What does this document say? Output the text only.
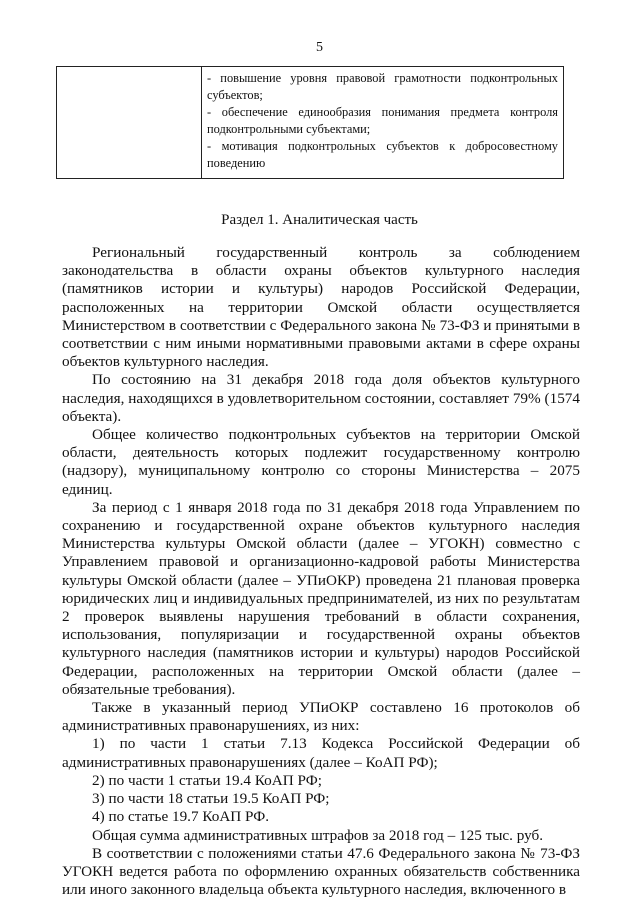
5

- повышение уровня правовой грамотности подконтрольных субъектов;
- обеспечение единообразия понимания предмета контроля подконтрольными субъектами;
- мотивация подконтрольных субъектов к добросовестному поведению
Раздел 1. Аналитическая часть

Региональный государственный контроль за соблюдением законодательства в области охраны объектов культурного наследия (памятников истории и культуры) народов Российской Федерации, расположенных на территории Омской области осуществляется Министерством в соответствии с Федерального закона № 73-ФЗ и принятыми в соответствии с ним иными нормативными правовыми актами в сфере охраны объектов культурного наследия.

По состоянию на 31 декабря 2018 года доля объектов культурного наследия, находящихся в удовлетворительном состоянии, составляет 79% (1574 объекта).

Общее количество подконтрольных субъектов на территории Омской области, деятельность которых подлежит государственному контролю (надзору), муниципальному контролю со стороны Министерства – 2075 единиц.

За период с 1 января 2018 года по 31 декабря 2018 года Управлением по сохранению и государственной охране объектов культурного наследия Министерства культуры Омской области (далее – УГОКН) совместно с Управлением правовой и организационно-кадровой работы Министерства культуры Омской области (далее – УПиОКР) проведена 21 плановая проверка юридических лиц и индивидуальных предпринимателей, из них по результатам 2 проверок выявлены нарушения требований в области сохранения, использования, популяризации и государственной охраны объектов культурного наследия (памятников истории и культуры) народов Российской Федерации, расположенных на территории Омской области (далее – обязательные требования).

Также в указанный период УПиОКР составлено 16 протоколов об административных правонарушениях, из них:

1) по части 1 статьи 7.13 Кодекса Российской Федерации об административных правонарушениях (далее – КоАП РФ);

2) по части 1 статьи 19.4 КоАП РФ;

3) по части 18 статьи 19.5 КоАП РФ;

4) по статье 19.7 КоАП РФ.

Общая сумма административных штрафов за 2018 год – 125 тыс. руб.

В соответствии с положениями статьи 47.6 Федерального закона № 73-ФЗ УГОКН ведется работа по оформлению охранных обязательств собственника или иного законного владельца объекта культурного наследия, включенного в
